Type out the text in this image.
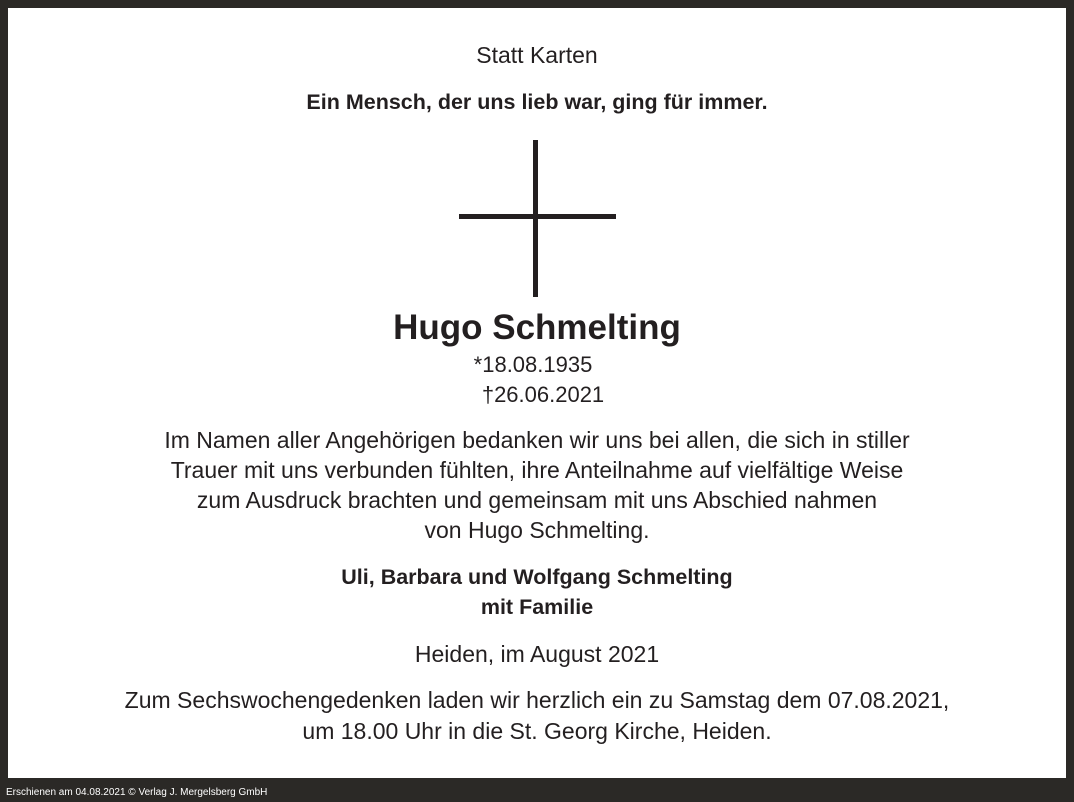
Statt Karten
Ein Mensch, der uns lieb war, ging für immer.
Hugo Schmelting
*18.08.1935
†26.06.2021
Im Namen aller Angehörigen bedanken wir uns bei allen, die sich in stiller
Trauer mit uns verbunden fühlten, ihre Anteilnahme auf vielfältige Weise
zum Ausdruck brachten und gemeinsam mit uns Abschied nahmen
von Hugo Schmelting.
Uli, Barbara und Wolfgang Schmelting
mit Familie
Heiden, im August 2021
Zum Sechswochengedenken laden wir herzlich ein zu Samstag dem 07.08.2021,
um 18.00 Uhr in die St. Georg Kirche, Heiden.
Erschienen am 04.08.2021 © Verlag J. Mergelsberg GmbH
